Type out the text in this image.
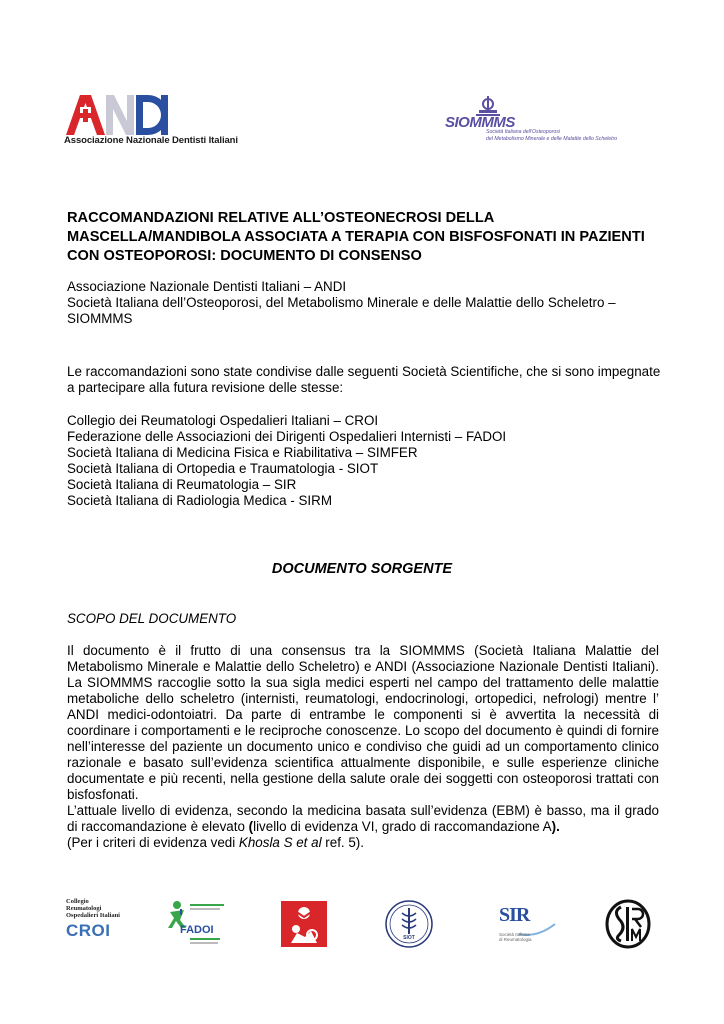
Associazione Nazionale Dentisti Italiani
SIOMMMS
Società Italiana dell'Osteoporosi
del Metabolismo Minerale e delle Malattie dello Scheletro
RACCOMANDAZIONI RELATIVE ALL’OSTEONECROSI DELLA MASCELLA/MANDIBOLA ASSOCIATA A TERAPIA CON BISFOSFONATI IN PAZIENTI CON OSTEOPOROSI: DOCUMENTO DI CONSENSO
Associazione Nazionale Dentisti Italiani – ANDI
Società Italiana dell’Osteoporosi, del Metabolismo Minerale e delle Malattie dello Scheletro – SIOMMMS
Le raccomandazioni sono state condivise dalle seguenti Società Scientifiche, che si sono impegnate a partecipare alla futura revisione delle stesse:
Collegio dei Reumatologi Ospedalieri Italiani – CROI
Federazione delle Associazioni dei Dirigenti Ospedalieri Internisti – FADOI
Società Italiana di Medicina Fisica e Riabilitativa – SIMFER
Società Italiana di Ortopedia e Traumatologia - SIOT
Società Italiana di Reumatologia – SIR
Società Italiana di Radiologia Medica - SIRM
DOCUMENTO SORGENTE
SCOPO DEL DOCUMENTO

Il documento è il frutto di una consensus tra la SIOMMMS (Società Italiana Malattie del Metabolismo Minerale e Malattie dello Scheletro) e ANDI (Associazione Nazionale Dentisti Italiani). La SIOMMMS raccoglie sotto la sua sigla medici esperti nel campo del trattamento delle malattie metaboliche dello scheletro (internisti, reumatologi, endocrinologi, ortopedici, nefrologi) mentre l’ ANDI medici-odontoiatri. Da parte di entrambe le componenti si è avvertita la necessità di coordinare i comportamenti e le reciproche conoscenze. Lo scopo del documento è quindi di fornire nell’interesse del paziente un documento unico e condiviso che guidi ad un comportamento clinico razionale e basato sull’evidenza scientifica attualmente disponibile, e sulle esperienze cliniche documentate e più recenti, nella gestione della salute orale dei soggetti con osteoporosi trattati con bisfosfonati.

L’attuale livello di evidenza, secondo la medicina basata sull’evidenza (EBM) è basso, ma il grado di raccomandazione è elevato (livello di evidenza VI, grado di raccomandazione A).

(Per i criteri di evidenza vedi Khosla S et al ref. 5).

Collegio Reumatologi
Ospedalieri Italiani
CROI	FADOI
SIOT
SIR
Società Italiana
di Reumatologia
